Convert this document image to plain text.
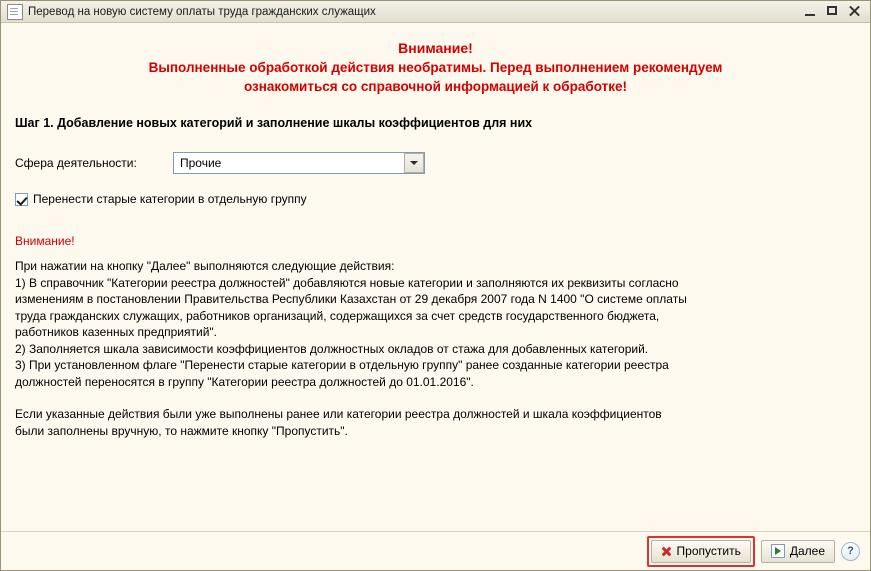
Перевод на новую систему оплаты труда гражданских служащих
Внимание!
Выполненные обработкой действия необратимы. Перед выполнением рекомендуем
ознакомиться со справочной информацией к обработке!
Шаг 1. Добавление новых категорий и заполнение шкалы коэффициентов для них
Сфера деятельности:	Прочие
Перенести старые категории в отдельную группу
Внимание!

При нажатии на кнопку "Далее" выполняются следующие действия:

1) В справочник "Категории реестра должностей" добавляются новые категории и заполняются их реквизиты согласно

изменениям в постановлении Правительства Республики Казахстан от 29 декабря 2007 года N 1400 "О системе оплаты

труда гражданских служащих, работников организаций, содержащихся за счет средств государственного бюджета,

работников казенных предприятий".

2) Заполняется шкала зависимости коэффициентов должностных окладов от стажа для добавленных категорий.

3) При установленном флаге "Перенести старые категории в отдельную группу" ранее созданные категории реестра

должностей переносятся в группу "Категории реестра должностей до 01.01.2016".

Если указанные действия были уже выполнены ранее или категории реестра должностей и шкала коэффициентов

были заполнены вручную, то нажмите кнопку "Пропустить".

Пропустить	Далее	?
